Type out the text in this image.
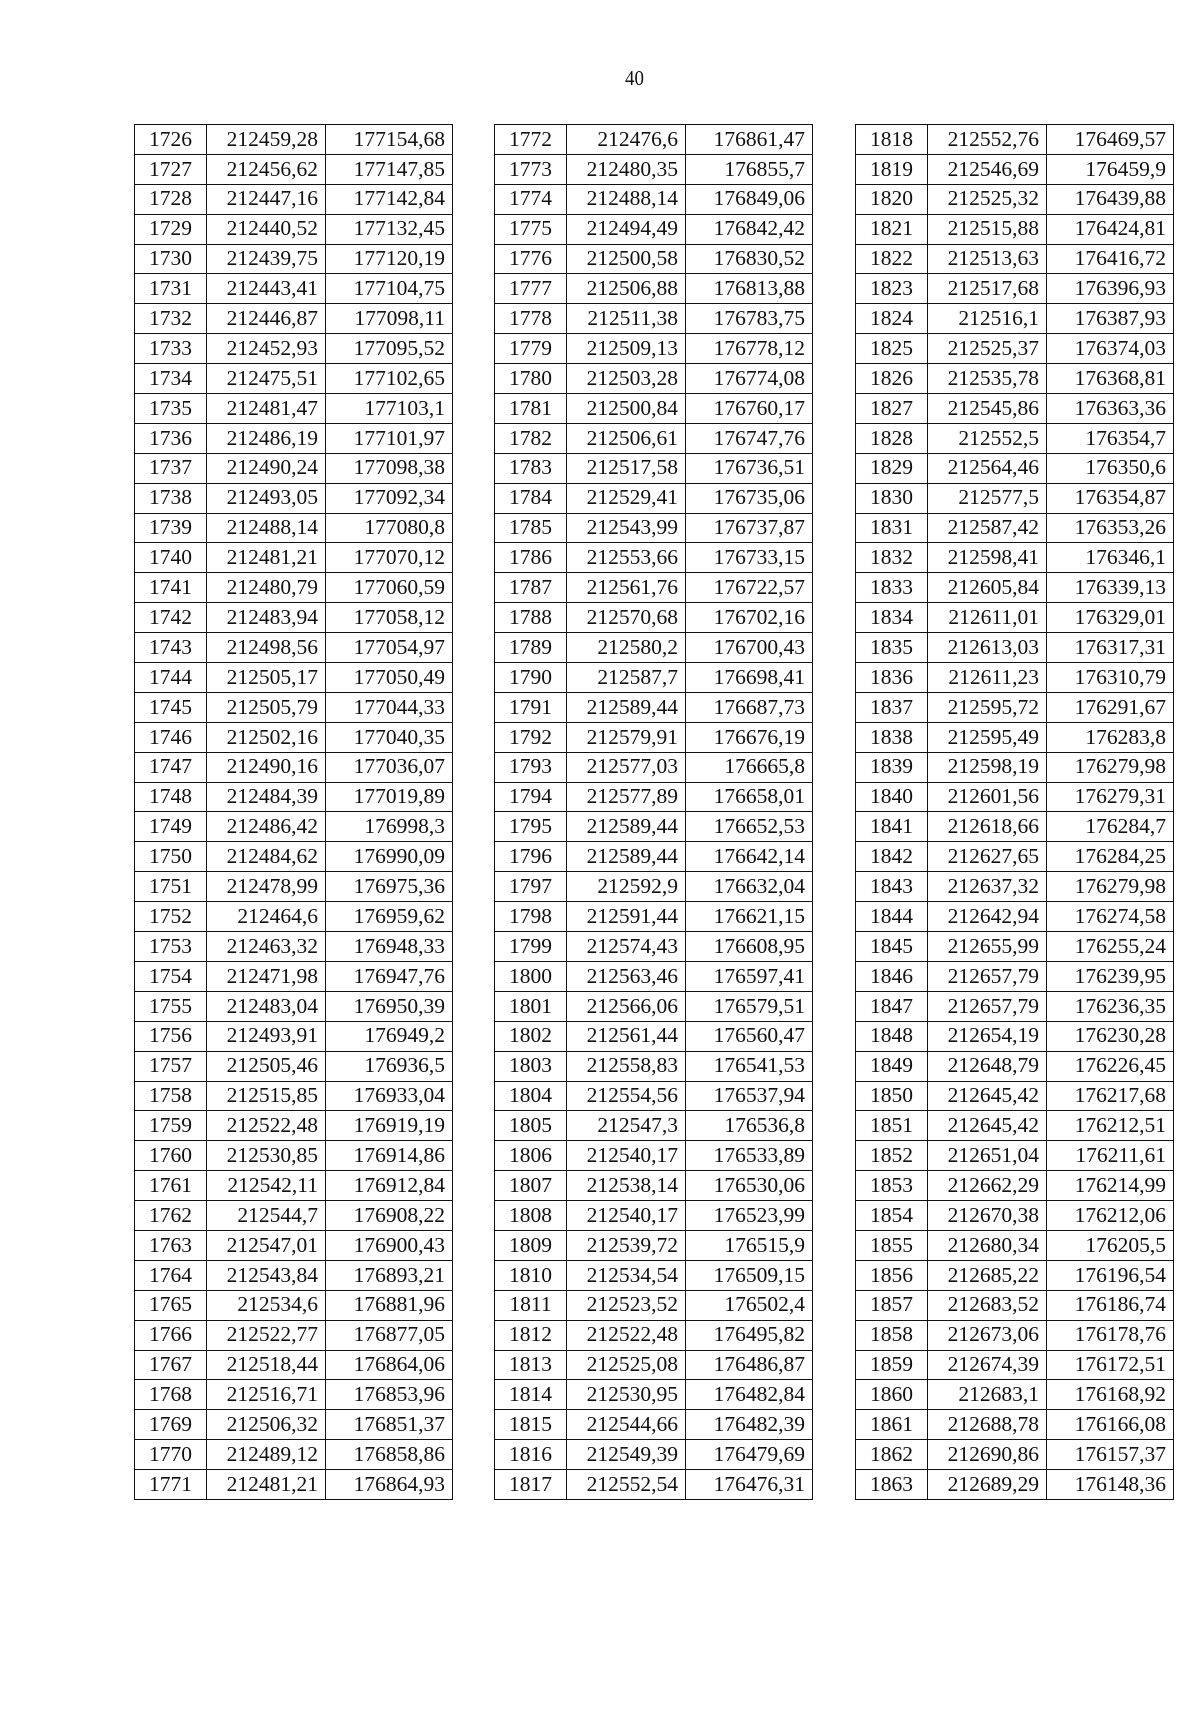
40
1726	212459,28	177154,68
1727	212456,62	177147,85
1728	212447,16	177142,84
1729	212440,52	177132,45
1730	212439,75	177120,19
1731	212443,41	177104,75
1732	212446,87	177098,11
1733	212452,93	177095,52
1734	212475,51	177102,65
1735	212481,47	177103,1
1736	212486,19	177101,97
1737	212490,24	177098,38
1738	212493,05	177092,34
1739	212488,14	177080,8
1740	212481,21	177070,12
1741	212480,79	177060,59
1742	212483,94	177058,12
1743	212498,56	177054,97
1744	212505,17	177050,49
1745	212505,79	177044,33
1746	212502,16	177040,35
1747	212490,16	177036,07
1748	212484,39	177019,89
1749	212486,42	176998,3
1750	212484,62	176990,09
1751	212478,99	176975,36
1752	212464,6	176959,62
1753	212463,32	176948,33
1754	212471,98	176947,76
1755	212483,04	176950,39
1756	212493,91	176949,2
1757	212505,46	176936,5
1758	212515,85	176933,04
1759	212522,48	176919,19
1760	212530,85	176914,86
1761	212542,11	176912,84
1762	212544,7	176908,22
1763	212547,01	176900,43
1764	212543,84	176893,21
1765	212534,6	176881,96
1766	212522,77	176877,05
1767	212518,44	176864,06
1768	212516,71	176853,96
1769	212506,32	176851,37
1770	212489,12	176858,86
1771	212481,21	176864,93
1772	212476,6	176861,47
1773	212480,35	176855,7
1774	212488,14	176849,06
1775	212494,49	176842,42
1776	212500,58	176830,52
1777	212506,88	176813,88
1778	212511,38	176783,75
1779	212509,13	176778,12
1780	212503,28	176774,08
1781	212500,84	176760,17
1782	212506,61	176747,76
1783	212517,58	176736,51
1784	212529,41	176735,06
1785	212543,99	176737,87
1786	212553,66	176733,15
1787	212561,76	176722,57
1788	212570,68	176702,16
1789	212580,2	176700,43
1790	212587,7	176698,41
1791	212589,44	176687,73
1792	212579,91	176676,19
1793	212577,03	176665,8
1794	212577,89	176658,01
1795	212589,44	176652,53
1796	212589,44	176642,14
1797	212592,9	176632,04
1798	212591,44	176621,15
1799	212574,43	176608,95
1800	212563,46	176597,41
1801	212566,06	176579,51
1802	212561,44	176560,47
1803	212558,83	176541,53
1804	212554,56	176537,94
1805	212547,3	176536,8
1806	212540,17	176533,89
1807	212538,14	176530,06
1808	212540,17	176523,99
1809	212539,72	176515,9
1810	212534,54	176509,15
1811	212523,52	176502,4
1812	212522,48	176495,82
1813	212525,08	176486,87
1814	212530,95	176482,84
1815	212544,66	176482,39
1816	212549,39	176479,69
1817	212552,54	176476,31
1818	212552,76	176469,57
1819	212546,69	176459,9
1820	212525,32	176439,88
1821	212515,88	176424,81
1822	212513,63	176416,72
1823	212517,68	176396,93
1824	212516,1	176387,93
1825	212525,37	176374,03
1826	212535,78	176368,81
1827	212545,86	176363,36
1828	212552,5	176354,7
1829	212564,46	176350,6
1830	212577,5	176354,87
1831	212587,42	176353,26
1832	212598,41	176346,1
1833	212605,84	176339,13
1834	212611,01	176329,01
1835	212613,03	176317,31
1836	212611,23	176310,79
1837	212595,72	176291,67
1838	212595,49	176283,8
1839	212598,19	176279,98
1840	212601,56	176279,31
1841	212618,66	176284,7
1842	212627,65	176284,25
1843	212637,32	176279,98
1844	212642,94	176274,58
1845	212655,99	176255,24
1846	212657,79	176239,95
1847	212657,79	176236,35
1848	212654,19	176230,28
1849	212648,79	176226,45
1850	212645,42	176217,68
1851	212645,42	176212,51
1852	212651,04	176211,61
1853	212662,29	176214,99
1854	212670,38	176212,06
1855	212680,34	176205,5
1856	212685,22	176196,54
1857	212683,52	176186,74
1858	212673,06	176178,76
1859	212674,39	176172,51
1860	212683,1	176168,92
1861	212688,78	176166,08
1862	212690,86	176157,37
1863	212689,29	176148,36
